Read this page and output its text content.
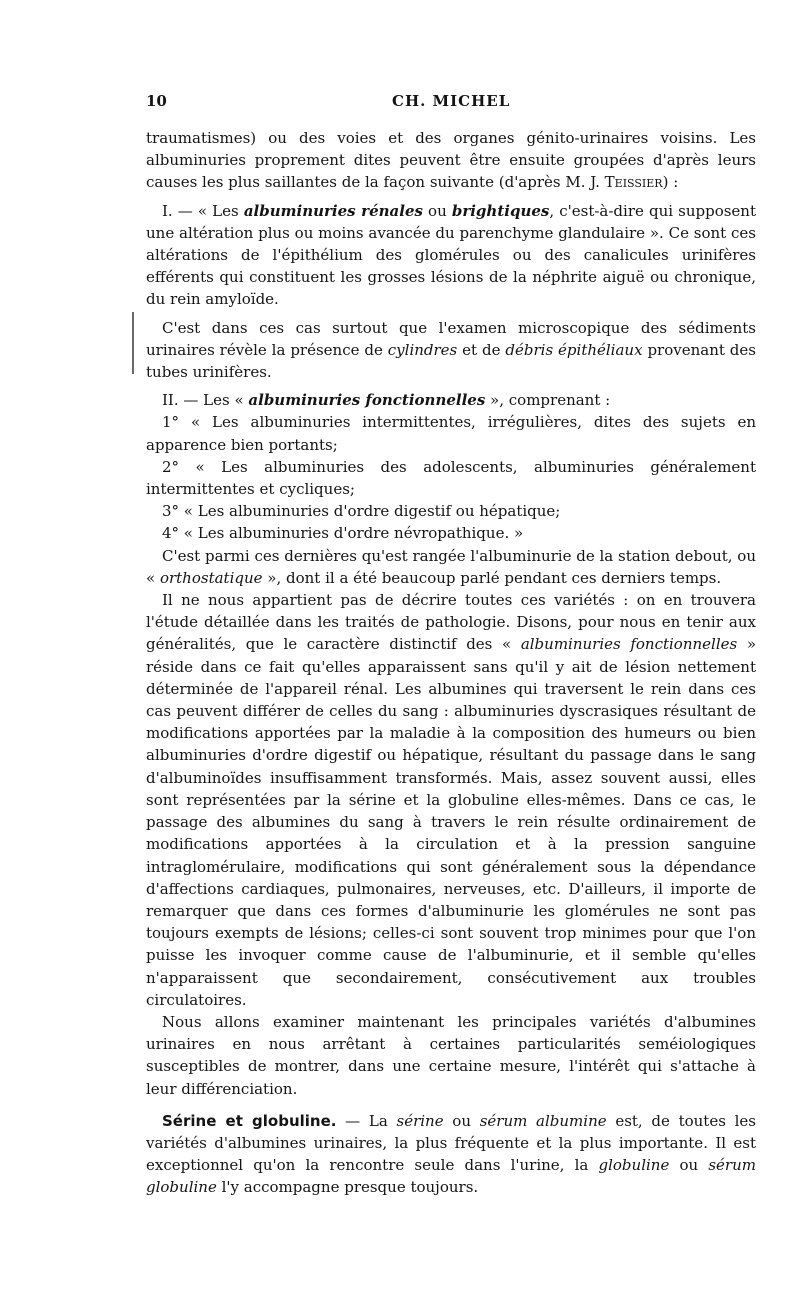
10	CH. MICHEL

traumatismes) ou des voies et des organes génito-urinaires voisins. Les albuminuries proprement dites peuvent être ensuite groupées d'après leurs causes les plus saillantes de la façon suivante (d'après M. J. Teissier) :

I. — « Les albuminuries rénales ou brightiques, c'est-à-dire qui supposent une altération plus ou moins avancée du parenchyme glandulaire ». Ce sont ces altérations de l'épithélium des glomérules ou des canalicules urinifères efférents qui constituent les grosses lésions de la néphrite aiguë ou chronique, du rein amyloïde.

C'est dans ces cas surtout que l'examen microscopique des sédiments urinaires révèle la présence de cylindres et de débris épithéliaux provenant des tubes urinifères.

II. — Les « albuminuries fonctionnelles », comprenant :

1° « Les albuminuries intermittentes, irrégulières, dites des sujets en apparence bien portants;

2° « Les albuminuries des adolescents, albuminuries généralement intermittentes et cycliques;

3° « Les albuminuries d'ordre digestif ou hépatique;

4° « Les albuminuries d'ordre névropathique. »

C'est parmi ces dernières qu'est rangée l'albuminurie de la station debout, ou « orthostatique », dont il a été beaucoup parlé pendant ces derniers temps.

Il ne nous appartient pas de décrire toutes ces variétés : on en trouvera l'étude détaillée dans les traités de pathologie. Disons, pour nous en tenir aux généralités, que le caractère distinctif des « albuminuries fonctionnelles » réside dans ce fait qu'elles apparaissent sans qu'il y ait de lésion nettement déterminée de l'appareil rénal. Les albumines qui traversent le rein dans ces cas peuvent différer de celles du sang : albuminuries dyscrasiques résultant de modifications apportées par la maladie à la composition des humeurs ou bien albuminuries d'ordre digestif ou hépatique, résultant du passage dans le sang d'albuminoïdes insuffisamment transformés. Mais, assez souvent aussi, elles sont représentées par la sérine et la globuline elles-mêmes. Dans ce cas, le passage des albumines du sang à travers le rein résulte ordinairement de modifications apportées à la circulation et à la pression sanguine intraglomérulaire, modifications qui sont généralement sous la dépendance d'affections cardiaques, pulmonaires, nerveuses, etc. D'ailleurs, il importe de remarquer que dans ces formes d'albuminurie les glomérules ne sont pas toujours exempts de lésions; celles-ci sont souvent trop minimes pour que l'on puisse les invoquer comme cause de l'albuminurie, et il semble qu'elles n'apparaissent que secondairement, consécutivement aux troubles circulatoires.

Nous allons examiner maintenant les principales variétés d'albumines urinaires en nous arrêtant à certaines particularités seméiologiques susceptibles de montrer, dans une certaine mesure, l'intérêt qui s'attache à leur différenciation.

Sérine et globuline. — La sérine ou sérum albumine est, de toutes les variétés d'albumines urinaires, la plus fréquente et la plus importante. Il est exceptionnel qu'on la rencontre seule dans l'urine, la globuline ou sérum globuline l'y accompagne presque toujours.
